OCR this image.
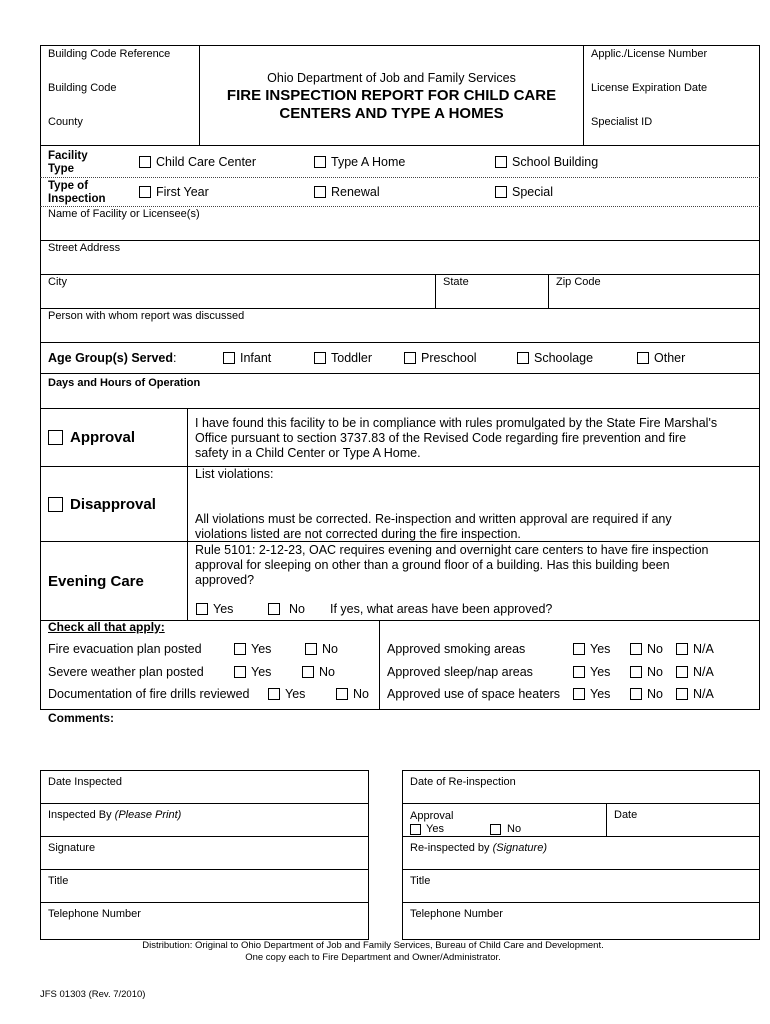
Building Code Reference
Building Code
County
Ohio Department of Job and Family Services
FIRE INSPECTION REPORT FOR CHILD CARE
CENTERS AND TYPE A HOMES
Applic./License Number
License Expiration Date
Specialist ID
Facility
Type	Child Care Center	Type A Home	School Building
Type of
Inspection	First Year	Renewal	Special
Name of Facility or Licensee(s)
Street Address
City	State	Zip Code
Person with whom report was discussed
Age Group(s) Served:	Infant	Toddler	Preschool	Schoolage	Other
Days and Hours of Operation
Approval
I have found this facility to be in compliance with rules promulgated by the State Fire Marshal's
Office pursuant to section 3737.83 of the Revised Code regarding fire prevention and fire
safety in a Child Center or Type A Home.
Disapproval
List violations:
All violations must be corrected. Re-inspection and written approval are required if any
violations listed are not corrected during the fire inspection.
Evening Care
Rule 5101: 2-12-23, OAC requires evening and overnight care centers to have fire inspection
approval for sleeping on other than a ground floor of a building. Has this building been
approved?
Yes	No If yes, what areas have been approved?
Check all that apply:
Fire evacuation plan posted	Yes	No
Severe weather plan posted	Yes	No
Documentation of fire drills reviewed	Yes	No
Approved smoking areas	Yes	No N/A
Approved sleep/nap areas	Yes	No N/A
Approved use of space heaters Yes	No N/A
Comments:
Date Inspected
Inspected By (Please Print)
Signature
Title
Telephone Number
Date of Re-inspection
Approval
Yes	No
Date
Re-inspected by (Signature)
Title
Telephone Number
Distribution: Original to Ohio Department of Job and Family Services, Bureau of Child Care and Development.
One copy each to Fire Department and Owner/Administrator.
JFS 01303 (Rev. 7/2010)
